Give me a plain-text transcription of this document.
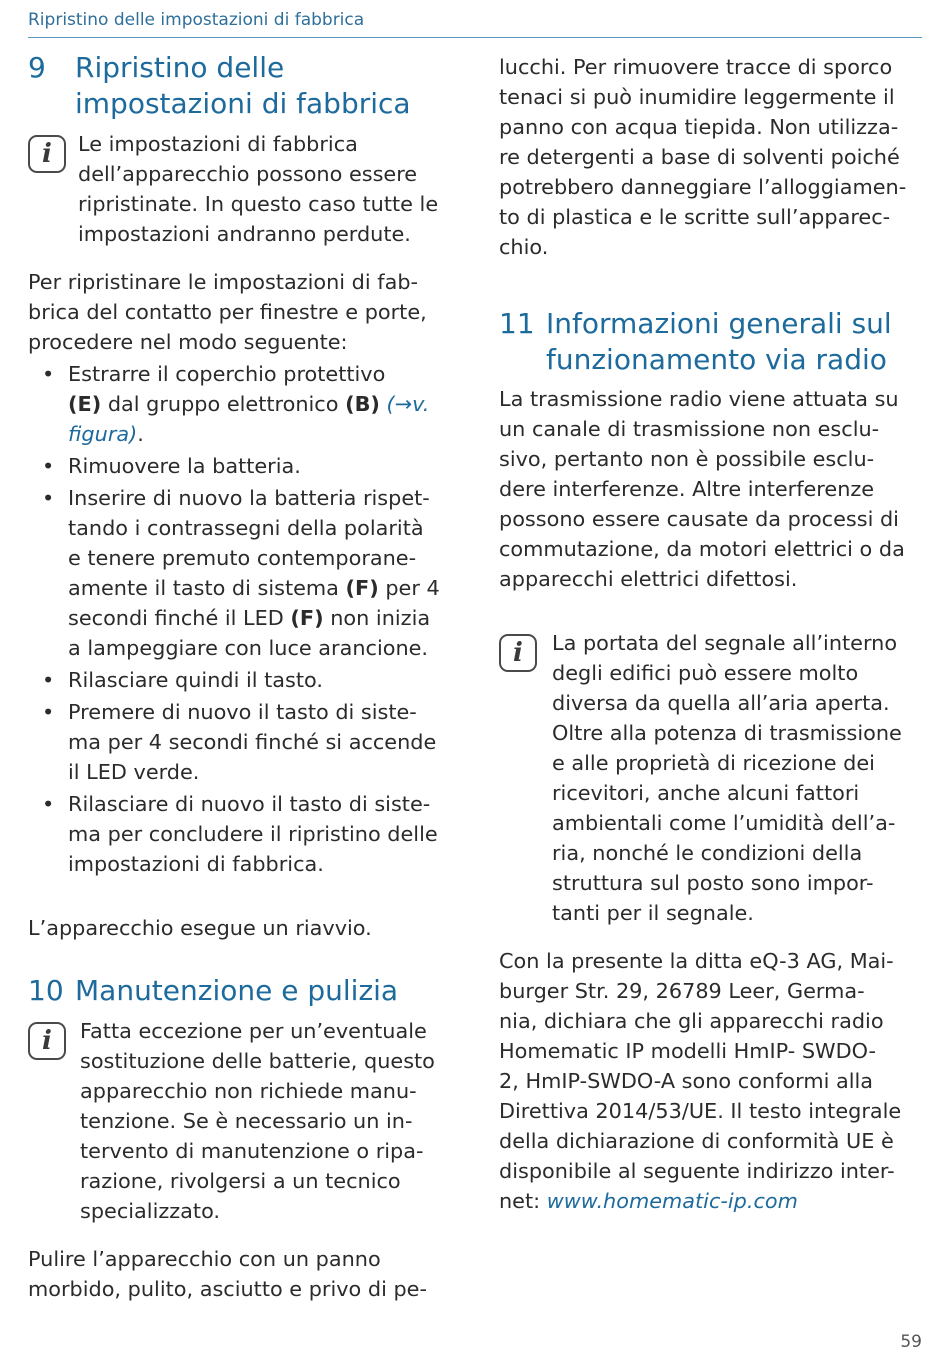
Ripristino delle impostazioni di fabbrica
9	Ripristino delle
impostazioni di fabbrica
i	Le impostazioni di fabbrica
dell’apparecchio possono essere
ripristinate. In questo caso tutte le
impostazioni andranno perdute.

Per ripristinare le impostazioni di fab-
brica del contatto per finestre e porte,
procedere nel modo seguente:

• Estrarre il coperchio protettivo
(E) dal gruppo elettronico (B) (→v.
figura).
• Rimuovere la batteria.
• Inserire di nuovo la batteria rispet-
tando i contrassegni della polarità
e tenere premuto contemporane-
amente il tasto di sistema (F) per 4
secondi finché il LED (F) non inizia
a lampeggiare con luce arancione.
• Rilasciare quindi il tasto.
• Premere di nuovo il tasto di siste-
ma per 4 secondi finché si accende
il LED verde.
• Rilasciare di nuovo il tasto di siste-
ma per concludere il ripristino delle
impostazioni di fabbrica.

L’apparecchio esegue un riavvio.

10 Manutenzione e pulizia
i	Fatta eccezione per un’eventuale
sostituzione delle batterie, questo
apparecchio non richiede manu-
tenzione. Se è necessario un in-
tervento di manutenzione o ripa-
razione, rivolgersi a un tecnico
specializzato.

Pulire l’apparecchio con un panno
morbido, pulito, asciutto e privo di pe-

lucchi. Per rimuovere tracce di sporco
tenaci si può inumidire leggermente il
panno con acqua tiepida. Non utilizza-
re detergenti a base di solventi poiché
potrebbero danneggiare l’alloggiamen-
to di plastica e le scritte sull’apparec-
chio.

11 Informazioni generali sul
funzionamento via radio

La trasmissione radio viene attuata su
un canale di trasmissione non esclu-
sivo, pertanto non è possibile esclu-
dere interferenze. Altre interferenze
possono essere causate da processi di
commutazione, da motori elettrici o da
apparecchi elettrici difettosi.

i	La portata del segnale all’interno
degli edifici può essere molto
diversa da quella all’aria aperta.
Oltre alla potenza di trasmissione
e alle proprietà di ricezione dei
ricevitori, anche alcuni fattori
ambientali come l’umidità dell’a-
ria, nonché le condizioni della
struttura sul posto sono impor-
tanti per il segnale.

Con la presente la ditta eQ-3 AG, Mai-
burger Str. 29, 26789 Leer, Germa-
nia, dichiara che gli apparecchi radio
Homematic IP modelli HmIP- SWDO-
2, HmIP-SWDO-A sono conformi alla
Direttiva 2014/53/UE. Il testo integrale
della dichiarazione di conformità UE è
disponibile al seguente indirizzo inter-
net: www.homematic-ip.com

59
